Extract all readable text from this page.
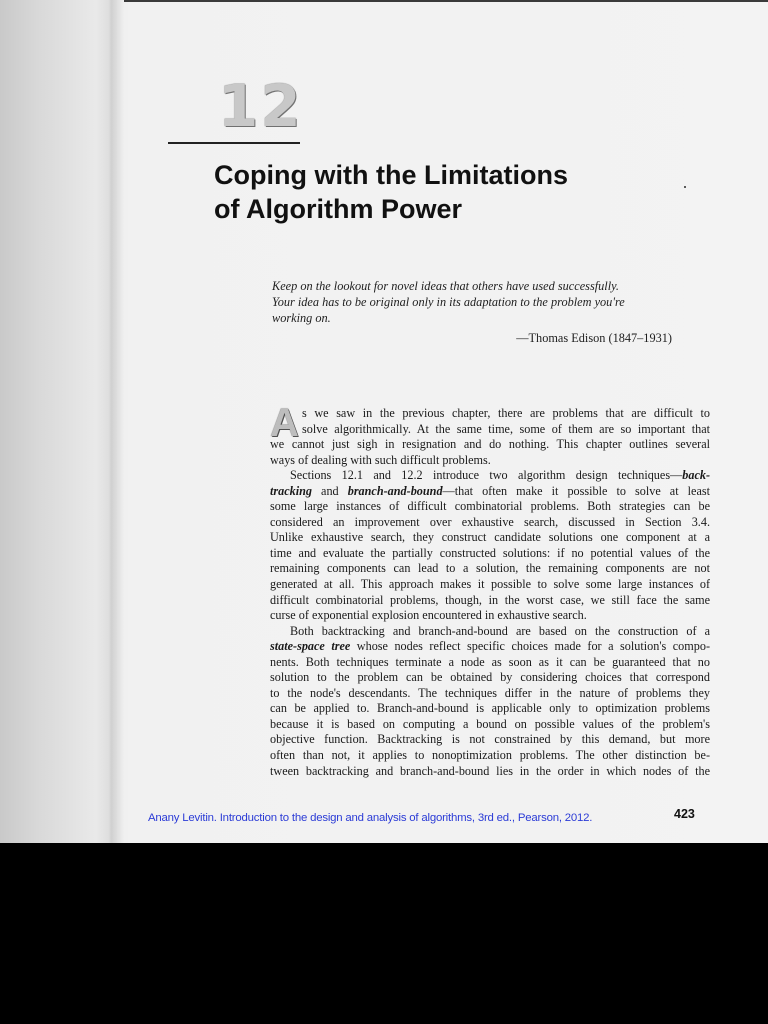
12
Coping with the Limitations
of Algorithm Power
Keep on the lookout for novel ideas that others have used successfully.
Your idea has to be original only in its adaptation to the problem you're
working on.
—Thomas Edison (1847–1931)
A s we saw in the previous chapter, there are problems that are difficult to
solve algorithmically. At the same time, some of them are so important that
we cannot just sigh in resignation and do nothing. This chapter outlines several
ways of dealing with such difficult problems.
Sections 12.1 and 12.2 introduce two algorithm design techniques—back-
tracking and branch-and-bound—that often make it possible to solve at least
some large instances of difficult combinatorial problems. Both strategies can be
considered an improvement over exhaustive search, discussed in Section 3.4.
Unlike exhaustive search, they construct candidate solutions one component at a
time and evaluate the partially constructed solutions: if no potential values of the
remaining components can lead to a solution, the remaining components are not
generated at all. This approach makes it possible to solve some large instances of
difficult combinatorial problems, though, in the worst case, we still face the same
curse of exponential explosion encountered in exhaustive search.
Both backtracking and branch-and-bound are based on the construction of a
state-space tree whose nodes reflect specific choices made for a solution's compo-
nents. Both techniques terminate a node as soon as it can be guaranteed that no
solution to the problem can be obtained by considering choices that correspond
to the node's descendants. The techniques differ in the nature of problems they
can be applied to. Branch-and-bound is applicable only to optimization problems
because it is based on computing a bound on possible values of the problem's
objective function. Backtracking is not constrained by this demand, but more
often than not, it applies to nonoptimization problems. The other distinction be-
tween backtracking and branch-and-bound lies in the order in which nodes of the

Anany Levitin. Introduction to the design and analysis of algorithms, 3rd ed., Pearson, 2012.	423
